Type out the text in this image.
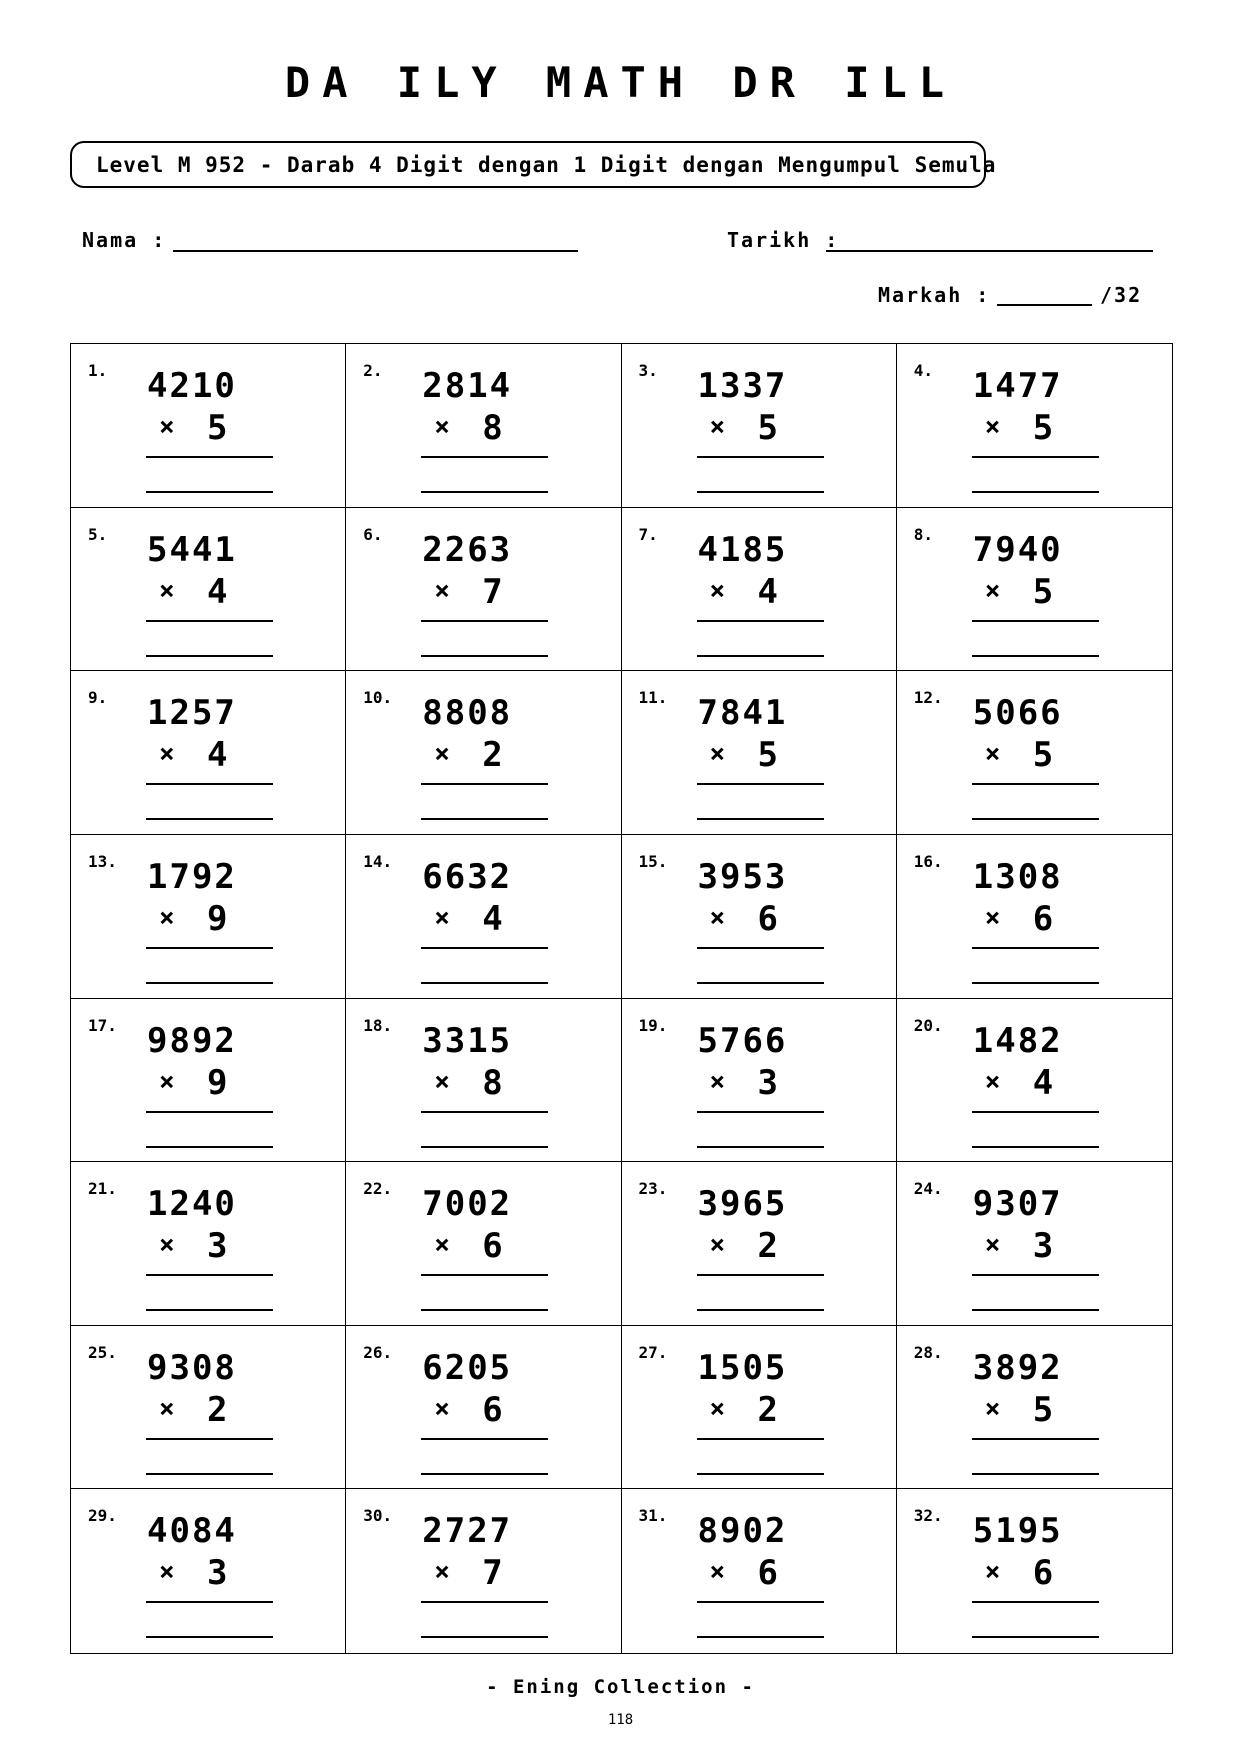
DA ILY MATH DR ILL
Level M 952 - Darab 4 Digit dengan 1 Digit dengan Mengumpul Semula
Nama :	Tarikh :
Markah :	/32
1. 4210
× 5
2. 2814
× 8
3. 1337
× 5
4. 1477
× 5
5. 5441
× 4
6. 2263
× 7
7. 4185
× 4
8. 7940
× 5
9. 1257
× 4
10. 8808
× 2
11. 7841
× 5
12. 5066
× 5
13. 1792
× 9
14. 6632
× 4
15. 3953
× 6
16. 1308
× 6
17. 9892
× 9
18. 3315
× 8
19. 5766
× 3
20. 1482
× 4
21. 1240
× 3
22. 7002
× 6
23. 3965
× 2
24. 9307
× 3
25. 9308
× 2
26. 6205
× 6
27. 1505
× 2
28. 3892
× 5
29. 4084
× 3
30. 2727
× 7
31. 8902
× 6
32. 5195
× 6
- Ening Collection -
118
